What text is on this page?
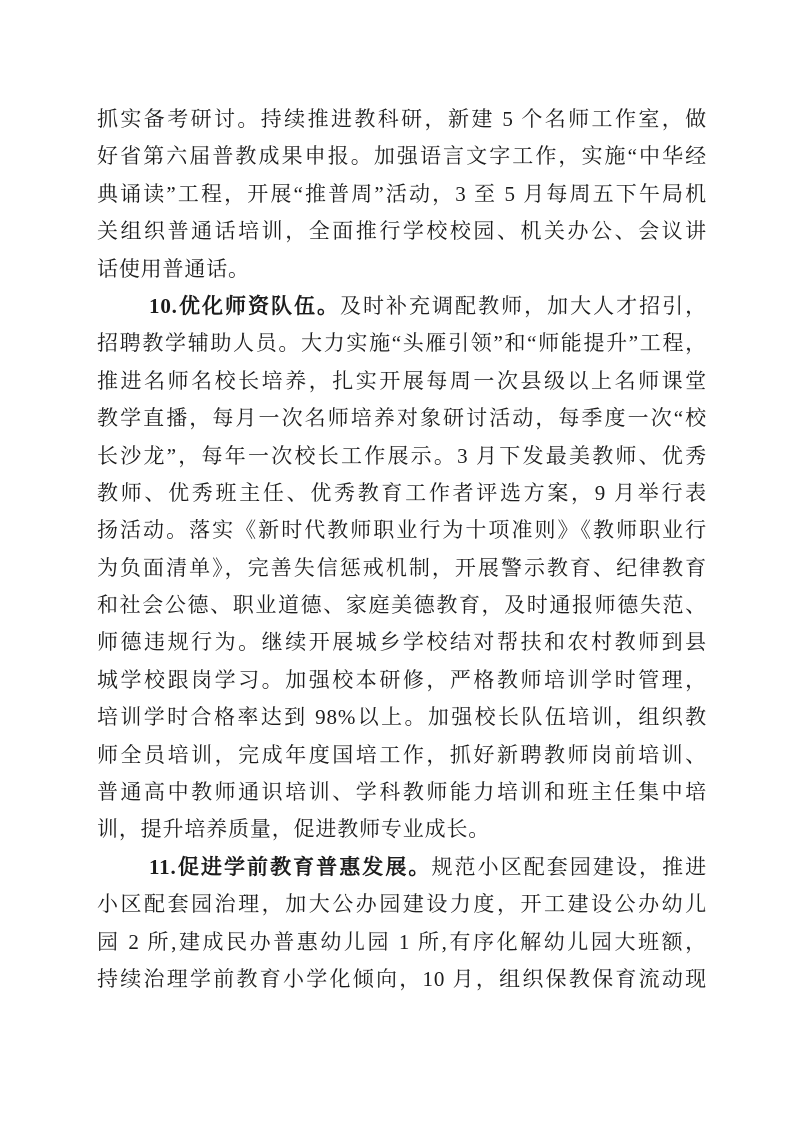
抓实备考研讨。持续推进教科研，新建 5 个名师工作室，做
好省第六届普教成果申报。加强语言文字工作，实施“中华经
典诵读”工程，开展“推普周”活动，3 至 5 月每周五下午局机
关组织普通话培训，全面推行学校校园、机关办公、会议讲
话使用普通话。
10.优化师资队伍。及时补充调配教师，加大人才招引，
招聘教学辅助人员。大力实施“头雁引领”和“师能提升”工程，
推进名师名校长培养，扎实开展每周一次县级以上名师课堂
教学直播，每月一次名师培养对象研讨活动，每季度一次“校
长沙龙”，每年一次校长工作展示。3 月下发最美教师、优秀
教师、优秀班主任、优秀教育工作者评选方案，9 月举行表
扬活动。落实《新时代教师职业行为十项准则》《教师职业行
为负面清单》，完善失信惩戒机制，开展警示教育、纪律教育
和社会公德、职业道德、家庭美德教育，及时通报师德失范、
师德违规行为。继续开展城乡学校结对帮扶和农村教师到县
城学校跟岗学习。加强校本研修，严格教师培训学时管理，
培训学时合格率达到 98%以上。加强校长队伍培训，组织教
师全员培训，完成年度国培工作，抓好新聘教师岗前培训、
普通高中教师通识培训、学科教师能力培训和班主任集中培
训，提升培养质量，促进教师专业成长。
11.促进学前教育普惠发展。规范小区配套园建设，推进
小区配套园治理，加大公办园建设力度，开工建设公办幼儿
园 2 所,建成民办普惠幼儿园 1 所,有序化解幼儿园大班额，
持续治理学前教育小学化倾向，10 月，组织保教保育流动现
